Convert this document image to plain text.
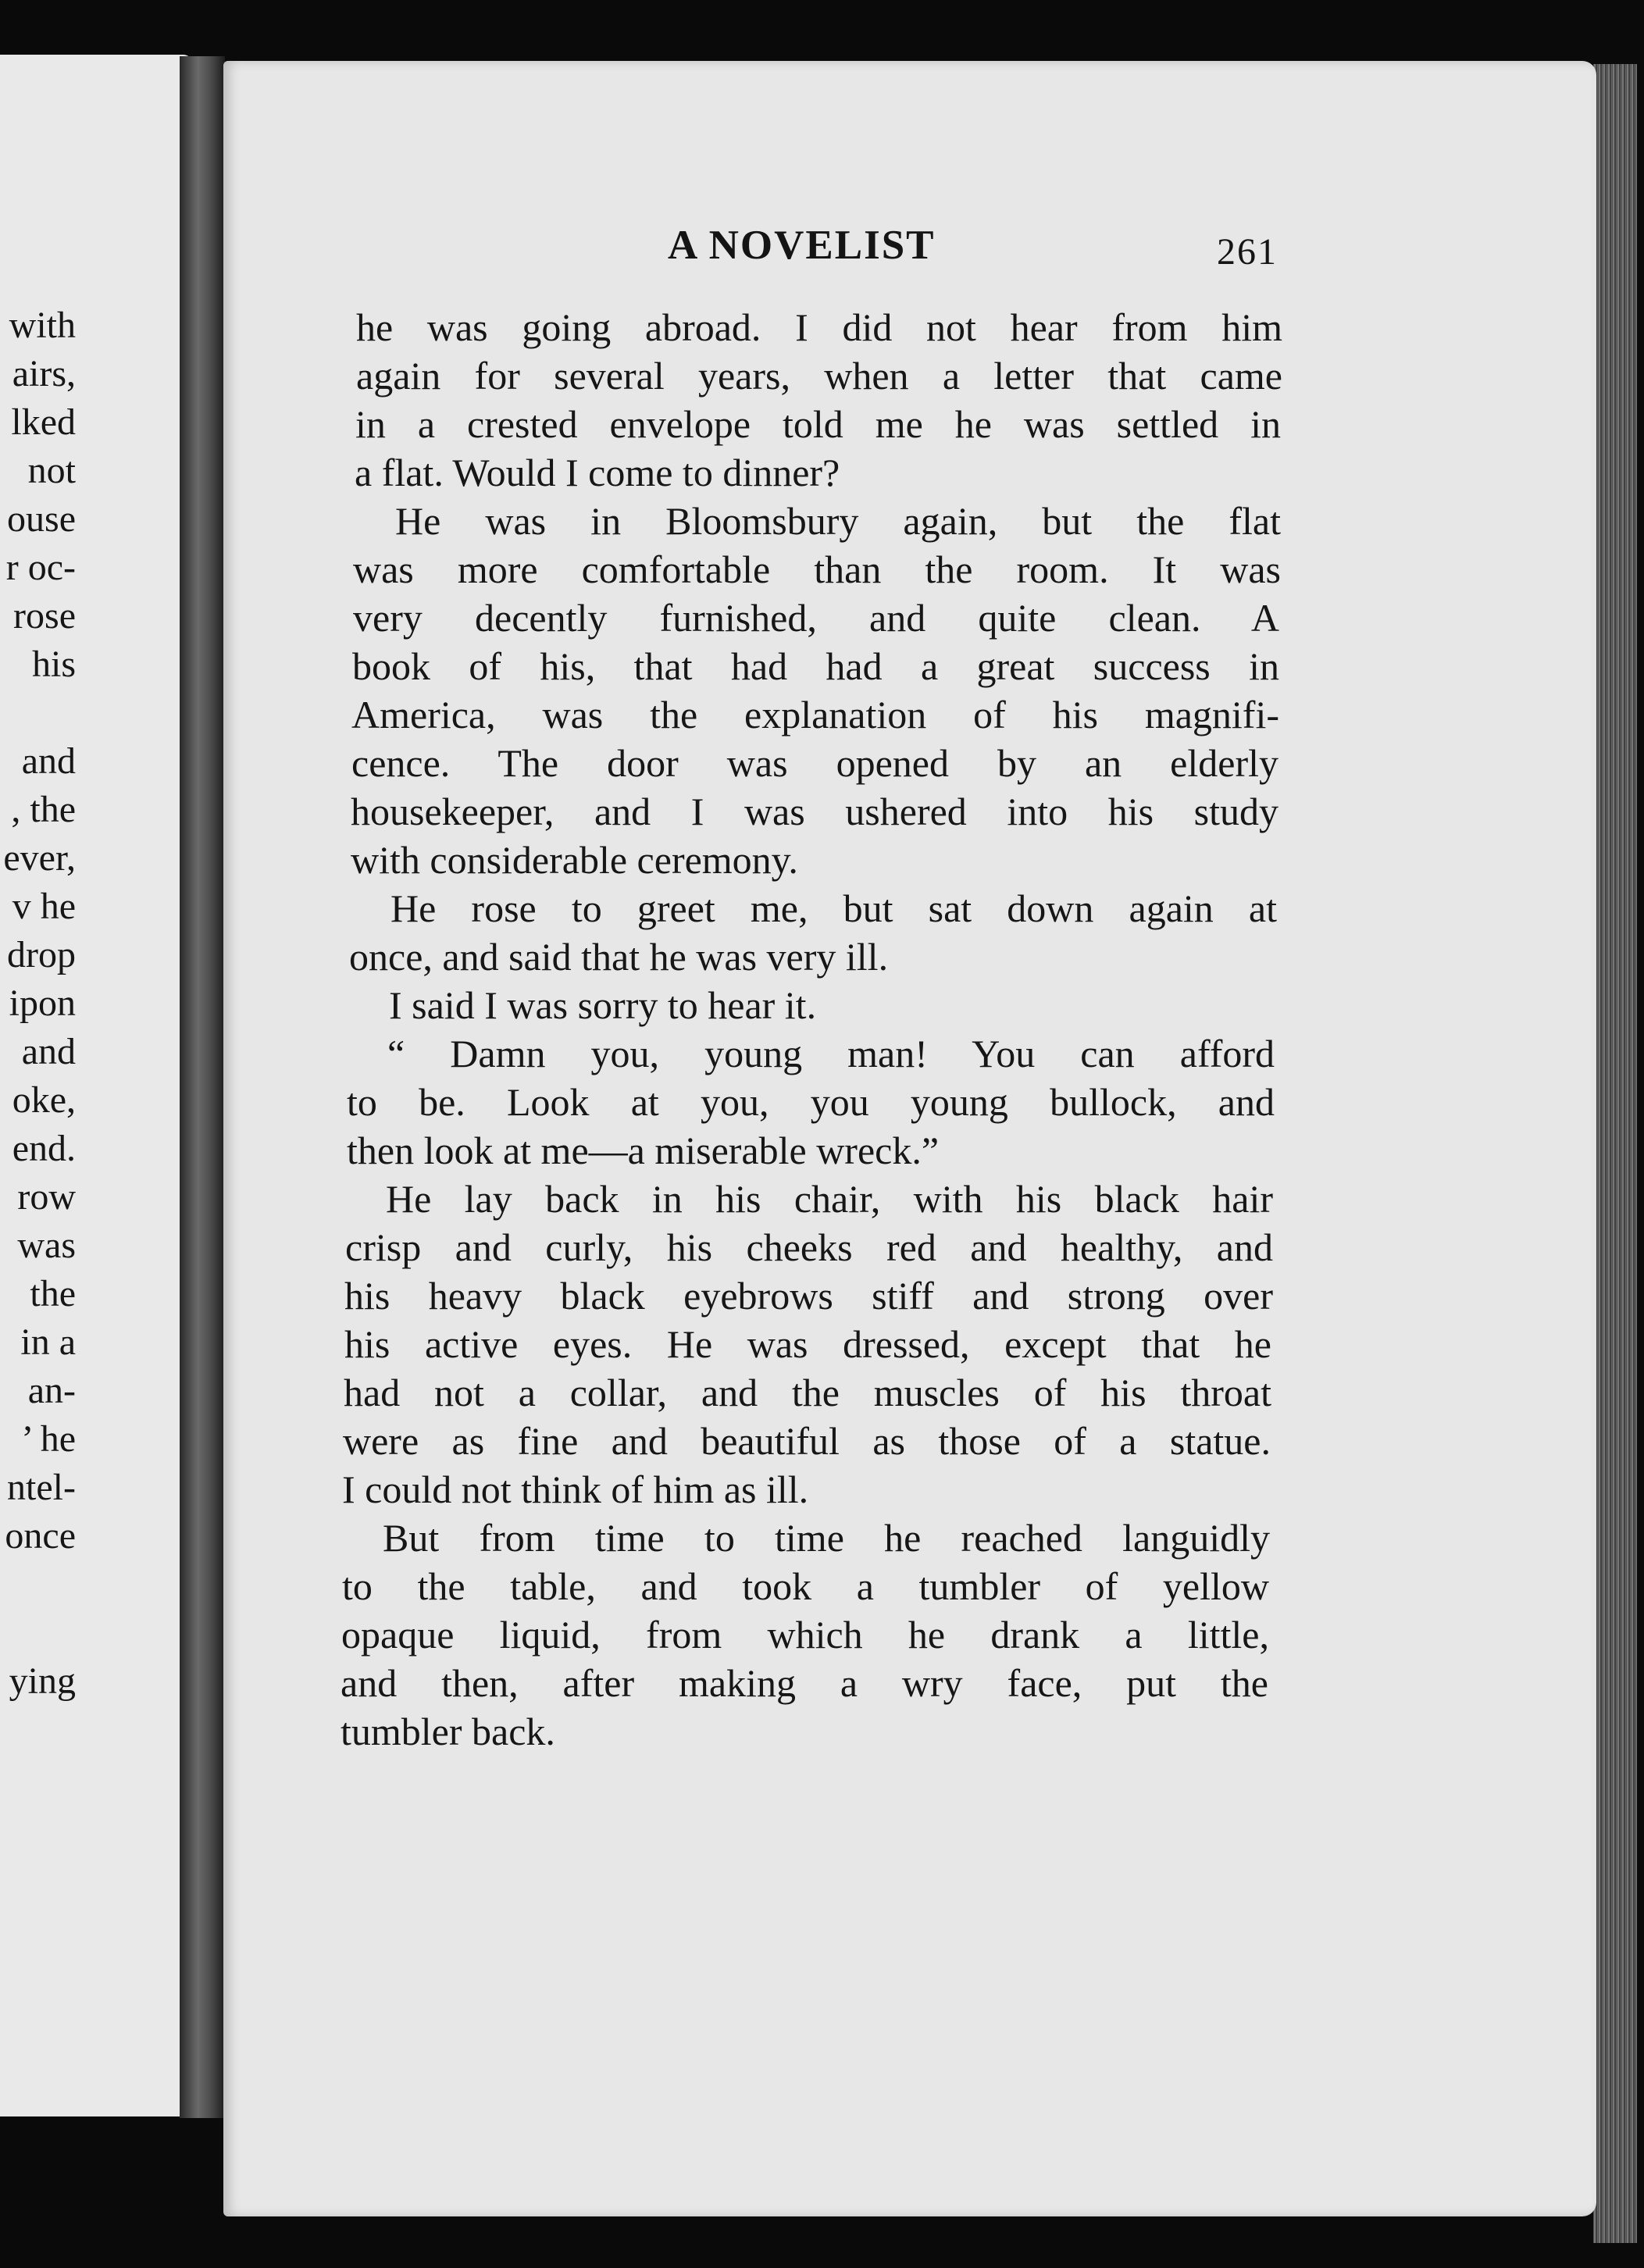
with
airs,
lked
not
ouse
r oc-
rose
his
and
, the
ever,
v he
drop
ipon
and
oke,
end.
row
was
the
in a
an-
’ he
ntel-
once
ying
A NOVELIST	261
he was going abroad. I did not hear from him
again for several years, when a letter that came
in a crested envelope told me he was settled in
a flat. Would I come to dinner?
He was in Bloomsbury again, but the flat
was more comfortable than the room. It was
very decently furnished, and quite clean. A
book of his, that had had a great success in
America, was the explanation of his magnifi-
cence. The door was opened by an elderly
housekeeper, and I was ushered into his study
with considerable ceremony.
He rose to greet me, but sat down again at
once, and said that he was very ill.
I said I was sorry to hear it.
“ Damn you, young man! You can afford
to be. Look at you, you young bullock, and
then look at me—a miserable wreck.”
He lay back in his chair, with his black hair
crisp and curly, his cheeks red and healthy, and
his heavy black eyebrows stiff and strong over
his active eyes. He was dressed, except that he
had not a collar, and the muscles of his throat
were as fine and beautiful as those of a statue.
I could not think of him as ill.
But from time to time he reached languidly
to the table, and took a tumbler of yellow
opaque liquid, from which he drank a little,
and then, after making a wry face, put the
tumbler back.
